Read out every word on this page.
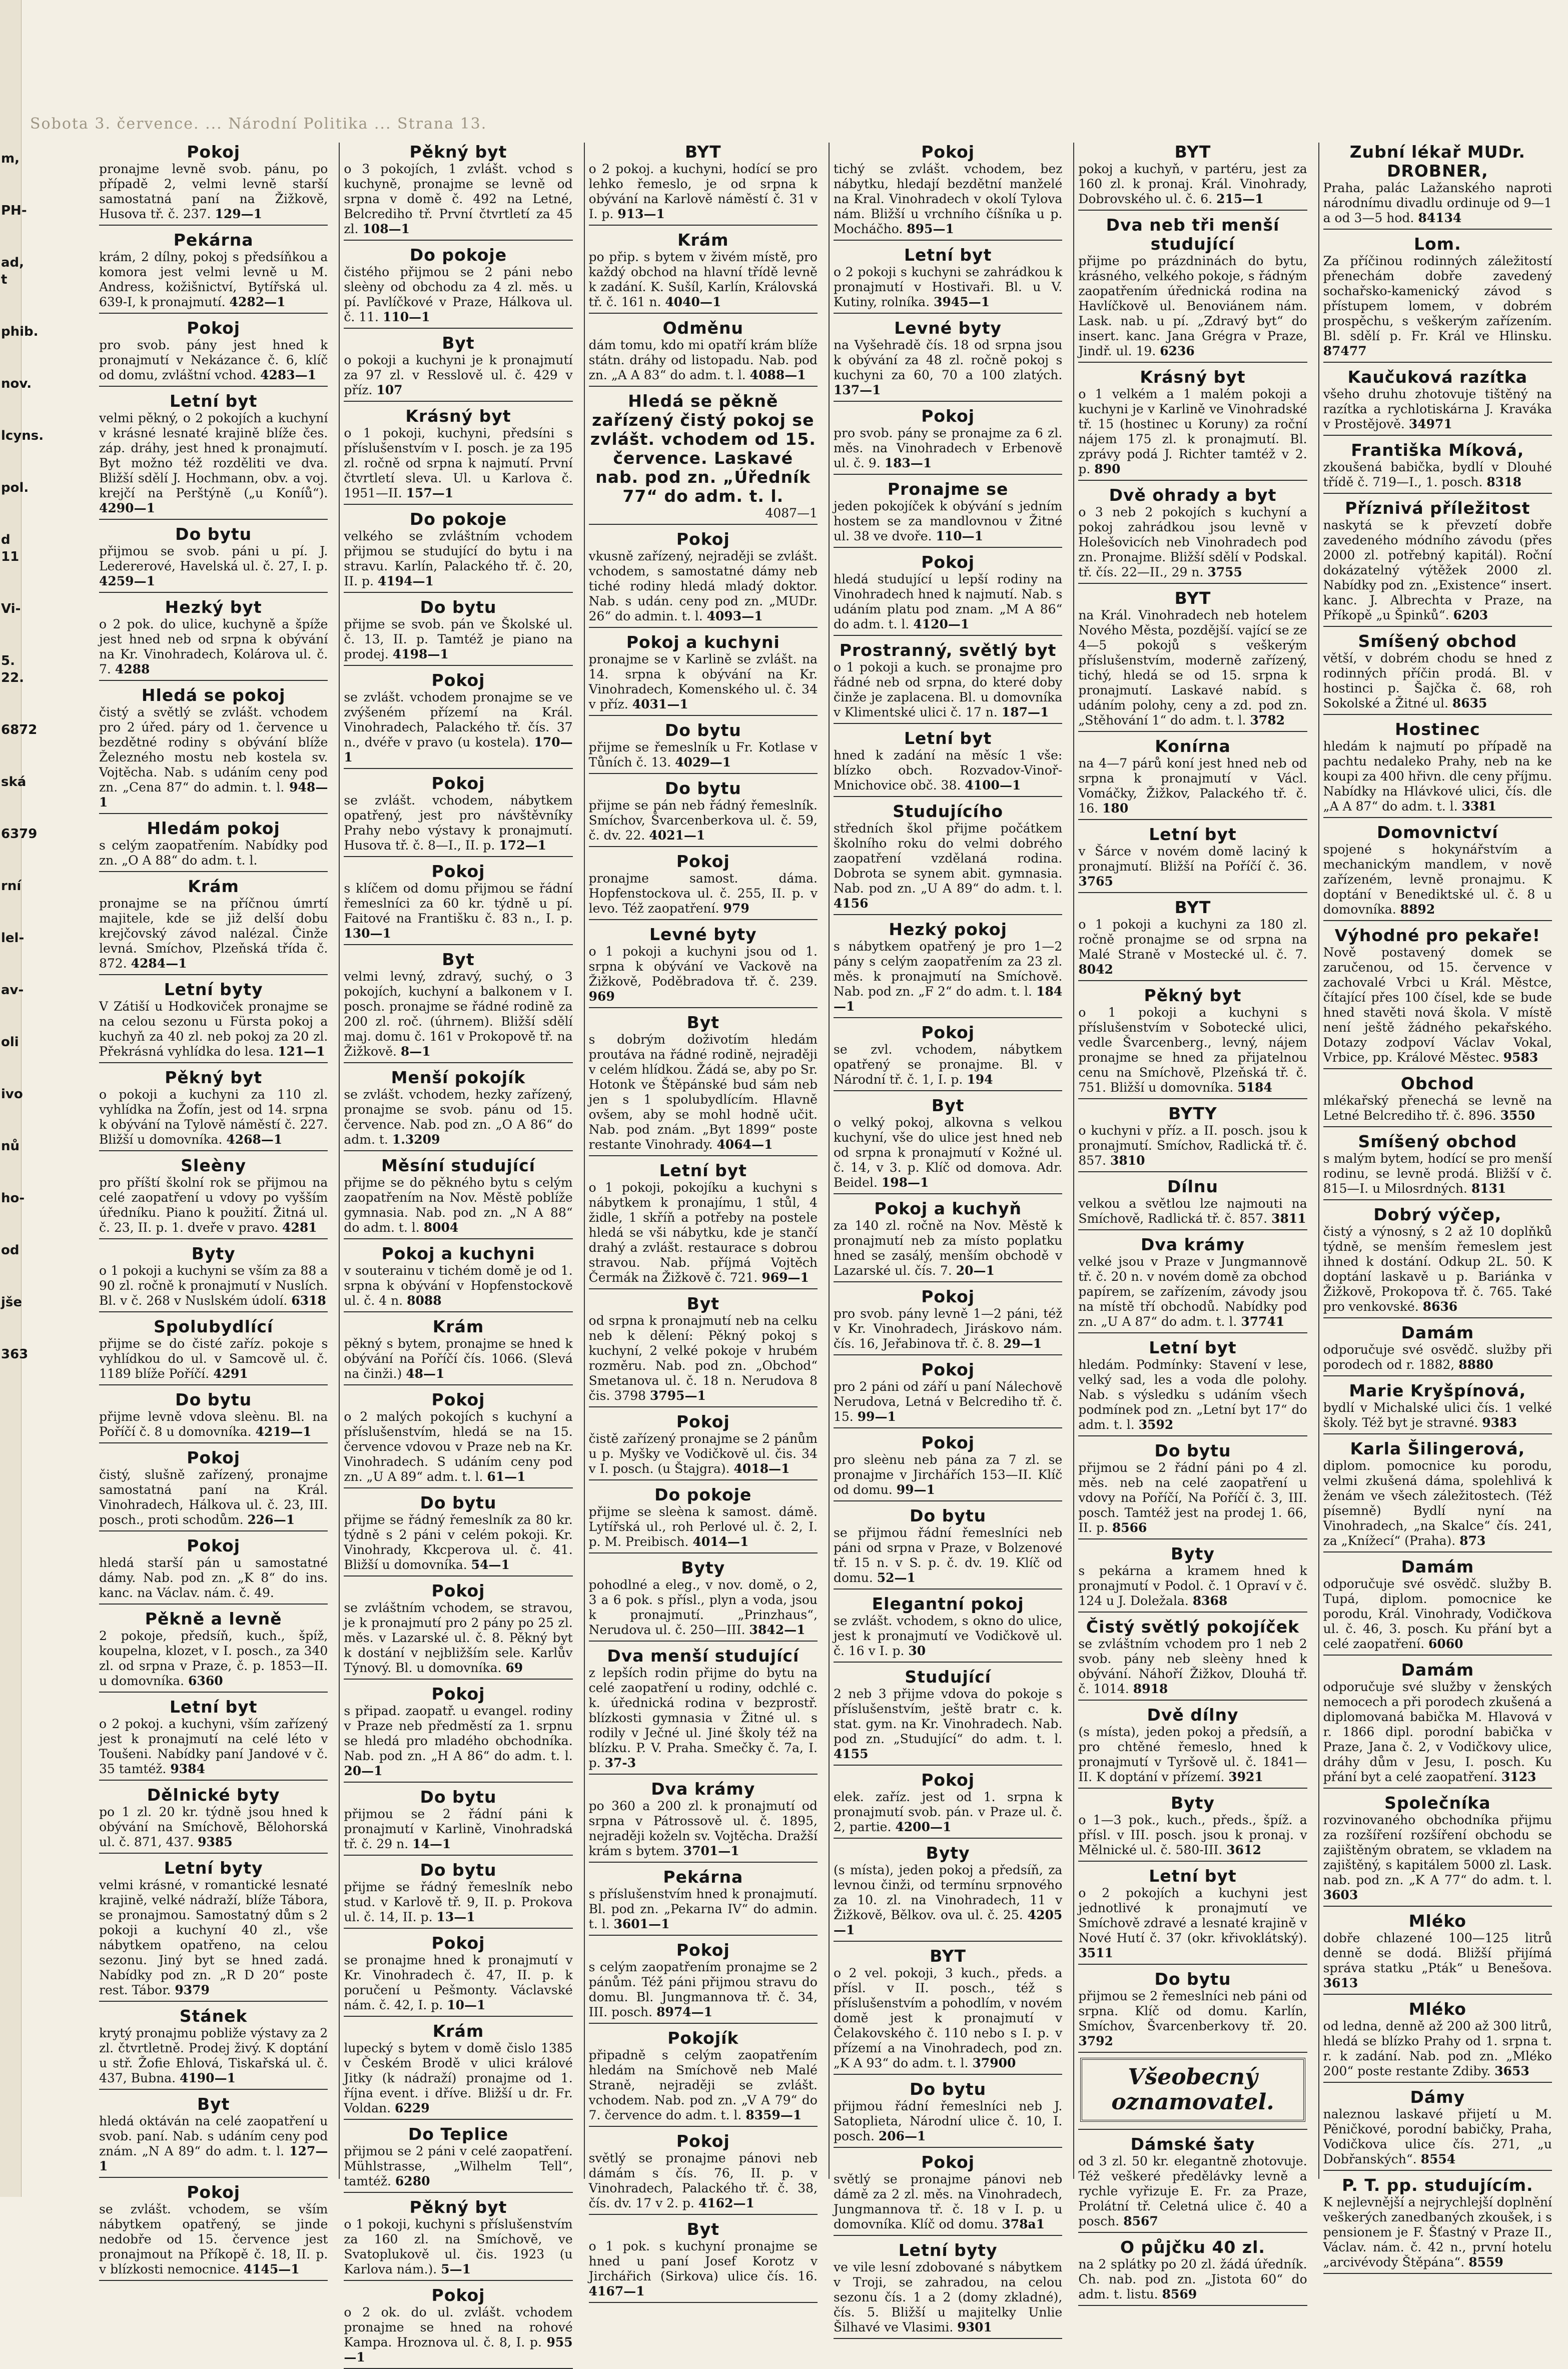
m,
PH-
ad, t
phib.
nov.
lcyns.
pol.
d 11
Vi-
5. 22.
6872
ská
6379
rní
lel-
av-
oli
ivo
nů
ho-
od
jše
363
Sobota 3. července. ... Národní Politika ... Strana 13.
Pokoj
pronajme levně svob. pánu, po případě 2, velmi levně starší samostatná paní na Žižkově, Husova tř. č. 237. 129—1
Pekárna
krám, 2 dílny, pokoj s předsíňkou a komora jest velmi levně u M. Andress, kožišnictví, Bytířská ul. 639-I, k pronajmutí. 4282—1
Pokoj
pro svob. pány jest hned k pronajmutí v Nekázance č. 6, klíč od domu, zvláštní vchod. 4283—1
Letní byt
velmi pěkný, o 2 pokojích a kuchyní v krásné lesnaté krajině blíže čes. záp. dráhy, jest hned k pronajmutí. Byt možno též rozděliti ve dva. Bližší sdělí J. Hochmann, obv. a voj. krejčí na Perštýně („u Koníů“). 4290—1
Do bytu
přijmou se svob. páni u pí. J. Ledererové, Havelská ul. č. 27, I. p. 4259—1
Hezký byt
o 2 pok. do ulice, kuchyně a špíže jest hned neb od srpna k obývání na Kr. Vinohradech, Kolárova ul. č. 7. 4288
Hledá se pokoj
čistý a světlý se zvlášt. vchodem pro 2 úřed. páry od 1. července u bezdětné rodiny s obývání blíže Železného mostu neb kostela sv. Vojtěcha. Nab. s udáním ceny pod zn. „Cena 87“ do admin. t. l. 948—1
Hledám pokoj
s celým zaopatřením. Nabídky pod zn. „O A 88“ do adm. t. l.
Krám
pronajme se na příčnou úmrtí majitele, kde se již delší dobu krejčovský závod nalézal. Činže levná. Smíchov, Plzeňská třída č. 872. 4284—1
Letní byty
V Zátiší u Hodkoviček pronajme se na celou sezonu u Fürsta pokoj a kuchyň za 40 zl. neb pokoj za 20 zl. Překrásná vyhlídka do lesa. 121—1
Pěkný byt
o pokoji a kuchyni za 110 zl. vyhlídka na Žofín, jest od 14. srpna k obývání na Tylově náměstí č. 227. Bližší u domovníka. 4268—1
Sleèny
pro příští školní rok se přijmou na celé zaopatření u vdovy po vyšším úředníku. Piano k použití. Žitná ul. č. 23, II. p. 1. dveře v pravo. 4281
Byty
o 1 pokoji a kuchyni se vším za 88 a 90 zl. ročně k pronajmutí v Nuslích. Bl. v č. 268 v Nuslském údolí. 6318
Spolubydlící
přijme se do čisté zaříz. pokoje s vyhlídkou do ul. v Samcově ul. č. 1189 blíže Poříčí. 4291
Do bytu
přijme levně vdova sleènu. Bl. na Poříčí č. 8 u domovníka. 4219—1
Pokoj
čistý, slušně zařízený, pronajme samostatná paní na Král. Vinohradech, Hálkova ul. č. 23, III. posch., proti schodům. 226—1
Pokoj
hledá starší pán u samostatné dámy. Nab. pod zn. „K 8“ do ins. kanc. na Václav. nám. č. 49.
Pěkně a levně
2 pokoje, předsíň, kuch., špíž, koupelna, klozet, v I. posch., za 340 zl. od srpna v Praze, č. p. 1853—II. u domovníka. 6360
Letní byt
o 2 pokoj. a kuchyni, vším zařízený jest k pronajmutí na celé léto v Toušeni. Nabídky paní Jandové v č. 35 tamtéž. 9384
Dělnické byty
po 1 zl. 20 kr. týdně jsou hned k obývání na Smíchově, Bělohorská ul. č. 871, 437. 9385
Letní byty
velmi krásné, v romantické lesnaté krajině, velké nádraží, blíže Tábora, se pronajmou. Samostatný dům s 2 pokoji a kuchyní 40 zl., vše nábytkem opatřeno, na celou sezonu. Jiný byt se hned zadá. Nabídky pod zn. „R D 20“ poste rest. Tábor. 9379
Stánek
krytý pronajmu pobliže výstavy za 2 zl. čtvrtletně. Prodej živý. K doptání u stř. Žofie Ehlová, Tiskařská ul. č. 437, Bubna. 4190—1
Byt
hledá oktáván na celé zaopatření u svob. paní. Nab. s udáním ceny pod znám. „N A 89“ do adm. t. l. 127—1
Pokoj
se zvlášt. vchodem, se vším nábytkem opatřený, se jinde nedobře od 15. července jest pronajmout na Příkopě č. 18, II. p. v blízkosti nemocnice. 4145—1
Pěkný byt
o 3 pokojích, 1 zvlášt. vchod s kuchyně, pronajme se levně od srpna v domě č. 492 na Letné, Belcrediho tř. První čtvrtletí za 45 zl. 108—1
Do pokoje
čistého přijmou se 2 páni nebo sleèny od obchodu za 4 zl. měs. u pí. Pavlíčkové v Praze, Hálkova ul. č. 11. 110—1
Byt
o pokoji a kuchyni je k pronajmutí za 97 zl. v Resslově ul. č. 429 v příz. 107
Krásný byt
o 1 pokoji, kuchyni, předsíni s příslušenstvím v I. posch. je za 195 zl. ročně od srpna k najmutí. První čtvrtletí sleva. Ul. u Karlova č. 1951—II. 157—1
Do pokoje
velkého se zvláštním vchodem přijmou se studující do bytu i na stravu. Karlín, Palackého tř. č. 20, II. p. 4194—1
Do bytu
přijme se svob. pán ve Školské ul. č. 13, II. p. Tamtéž je piano na prodej. 4198—1
Pokoj
se zvlášt. vchodem pronajme se ve zvýšeném přízemí na Král. Vinohradech, Palackého tř. čís. 37 n., dvéře v pravo (u kostela). 170—1
Pokoj
se zvlášt. vchodem, nábytkem opatřený, jest pro návštěvníky Prahy nebo výstavy k pronajmutí. Husova tř. č. 8—I., II. p. 172—1
Pokoj
s klíčem od domu přijmou se řádní řemeslníci za 60 kr. týdně u pí. Faitové na Františku č. 83 n., I. p. 130—1
Byt
velmi levný, zdravý, suchý, o 3 pokojích, kuchyní a balkonem v I. posch. pronajme se řádné rodině za 200 zl. roč. (úhrnem). Bližší sdělí maj. domu č. 161 v Prokopově tř. na Žižkově. 8—1
Menší pokojík
se zvlášt. vchodem, hezky zařízený, pronajme se svob. pánu od 15. července. Nab. pod zn. „O A 86“ do adm. t. 1.3209
Měsíní studující
přijme se do pěkného bytu s celým zaopatřením na Nov. Městě poblíže gymnasia. Nab. pod zn. „N A 88“ do adm. t. l. 8004
Pokoj a kuchyni
v souterainu v tichém domě je od 1. srpna k obývání v Hopfenstockově ul. č. 4 n. 8088
Krám
pěkný s bytem, pronajme se hned k obývání na Poříčí čís. 1066. (Slevá na činži.) 48—1
Pokoj
o 2 malých pokojích s kuchyní a příslušenstvím, hledá se na 15. července vdovou v Praze neb na Kr. Vinohradech. S udáním ceny pod zn. „U A 89“ adm. t. l. 61—1
Do bytu
přijme se řádný řemeslník za 80 kr. týdně s 2 páni v celém pokoji. Kr. Vinohrady, Kkcperova ul. č. 41. Bližší u domovníka. 54—1
Pokoj
se zvláštním vchodem, se stravou, je k pronajmutí pro 2 pány po 25 zl. měs. v Lazarské ul. č. 8. Pěkný byt k dostání v nejbližším sele. Karlův Týnový. Bl. u domovníka. 69
Pokoj
s připad. zaopatř. u evangel. rodiny v Praze neb předměstí za 1. srpnu se hledá pro mladého obchodníka. Nab. pod zn. „H A 86“ do adm. t. l. 20—1
Do bytu
přijmou se 2 řádní páni k pronajmutí v Karlině, Vinohradská tř. č. 29 n. 14—1
Do bytu
přijme se řádný řemeslník nebo stud. v Karlově tř. 9, II. p. Prokova ul. č. 14, II. p. 13—1
Pokoj
se pronajme hned k pronajmutí v Kr. Vinohradech č. 47, II. p. k poručení u Pešmonty. Václavské nám. č. 42, I. p. 10—1
Krám
lupecký s bytem v domě čislo 1385 v Českém Brodě v ulici králové Jitky (k nádraží) pronajme od 1. října event. i dříve. Bližší u dr. Fr. Voldan. 6229
Do Teplice
přijmou se 2 páni v celé zaopatření. Mühlstrasse, „Wilhelm Tell“, tamtéž. 6280
Pěkný byt
o 1 pokoji, kuchyni s příslušenstvím za 160 zl. na Smíchově, ve Svatoplukově ul. čis. 1923 (u Karlova nám.). 5—1
Pokoj
o 2 ok. do ul. zvlášt. vchodem pronajme se hned na rohové Kampa. Hroznova ul. č. 8, I. p. 955—1
BYT
o 2 pokoj. a kuchyni, hodící se pro lehko řemeslo, je od srpna k obývání na Karlově náměstí č. 31 v I. p. 913—1
Krám
po přip. s bytem v živém místě, pro každý obchod na hlavní třídě levně k zadání. K. Sušíl, Karlín, Královská tř. č. 161 n. 4040—1
Odměnu
dám tomu, kdo mi opatří krám blíže státn. dráhy od listopadu. Nab. pod zn. „A A 83“ do adm. t. l. 4088—1
Hledá se pěkně zařízený čistý pokoj se zvlášt. vchodem od 15. července. Laskavé nab. pod zn. „Úředník 77“ do adm. t. l.
4087—1
Pokoj
vkusně zařízený, nejraději se zvlášt. vchodem, s samostatné dámy neb tiché rodiny hledá mladý doktor. Nab. s udán. ceny pod zn. „MUDr. 26“ do admin. t. l. 4093—1
Pokoj a kuchyni
pronajme se v Karlině se zvlášt. na 14. srpna k obývání na Kr. Vinohradech, Komenského ul. č. 34 v příz. 4031—1
Do bytu
přijme se řemeslník u Fr. Kotlase v Tůních č. 13. 4029—1
Do bytu
přijme se pán neb řádný řemeslník. Smíchov, Švarcenberkova ul. č. 59, č. dv. 22. 4021—1
Pokoj
pronajme samost. dáma. Hopfenstockova ul. č. 255, II. p. v levo. Též zaopatření. 979
Levné byty
o 1 pokoji a kuchyni jsou od 1. srpna k obývání ve Vackově na Žižkově, Poděbradova tř. č. 239. 969
Byt
s dobrým doživotím hledám proutáva na řádné rodině, nejraději v celém hlídkou. Žádá se, aby po Sr. Hotonk ve Štěpánské bud sám neb jen s 1 spolubydlícím. Hlavně ovšem, aby se mohl hodně učit. Nab. pod znám. „Byt 1899“ poste restante Vinohrady. 4064—1
Letní byt
o 1 pokoji, pokojíku a kuchyni s nábytkem k pronajímu, 1 stůl, 4 židle, 1 skříň a potřeby na postele hledá se vši nábytku, kde je stančí drahý a zvlášt. restaurace s dobrou stravou. Nab. příjmá Vojtěch Čermák na Žižkově č. 721. 969—1
Byt
od srpna k pronajmutí neb na celku neb k dělení: Pěkný pokoj s kuchyní, 2 velké pokoje v hrubém rozměru. Nab. pod zn. „Obchod“ Smetanova ul. č. 18 n. Nerudova 8 čis. 3798 3795—1
Pokoj
čistě zařízený pronajme se 2 pánům u p. Myšky ve Vodičkově ul. čis. 34 v I. posch. (u Štajgra). 4018—1
Do pokoje
přijme se sleèna k samost. dámě. Lytířská ul., roh Perlové ul. č. 2, I. p. M. Preibisch. 4014—1
Byty
pohodlné a eleg., v nov. domě, o 2, 3 a 6 pok. s přísl., plyn a voda, jsou k pronajmutí. „Prinzhaus“, Nerudova ul. č. 250—III. 3842—1
Dva menší studující
z lepších rodin přijme do bytu na celé zaopatření u rodiny, odchlé c. k. úřednická rodina v bezprostř. blízkosti gymnasia v Žitné ul. s rodily v Ječné ul. Jiné školy též na blízku. P. V. Praha. Smečky č. 7a, I. p. 37-3
Dva krámy
po 360 a 200 zl. k pronajmutí od srpna v Pátrossově ul. č. 1895, nejraději koželn sv. Vojtěcha. Dražší krám s bytem. 3701—1
Pekárna
s příslušenstvím hned k pronajmutí. Bl. pod zn. „Pekarna IV“ do admin. t. l. 3601—1
Pokoj
s celým zaopatřením pronajme se 2 pánům. Též páni přijmou stravu do domu. Bl. Jungmannova tř. č. 34, III. posch. 8974—1
Pokojík
připadně s celým zaopatřením hledám na Smíchově neb Malé Straně, nejraději se zvlášt. vchodem. Nab. pod zn. „V A 79“ do 7. července do adm. t. l. 8359—1
Pokoj
světlý se pronajme pánovi neb dámám s čís. 76, II. p. v Vinohradech, Palackého tř. č. 38, čís. dv. 17 v 2. p. 4162—1
Byt
o 1 pok. s kuchyní pronajme se hned u paní Josef Korotz v Jirchářich (Sirkova) ulice čís. 16. 4167—1
Pokoj
tichý se zvlášt. vchodem, bez nábytku, hledají bezdětní manželé na Kral. Vinohradech v okolí Tylova nám. Bližší u vrchního číšníka u p. Mocháčho. 895—1
Letní byt
o 2 pokoji s kuchyni se zahrádkou k pronajmutí v Hostivaři. Bl. u V. Kutiny, rolníka. 3945—1
Levné byty
na Vyšehradě čís. 18 od srpna jsou k obývání za 48 zl. ročně pokoj s kuchyni za 60, 70 a 100 zlatých. 137—1
Pokoj
pro svob. pány se pronajme za 6 zl. měs. na Vinohradech v Erbenově ul. č. 9. 183—1
Pronajme se
jeden pokojíček k obývání s jedním hostem se za mandlovnou v Žitné ul. 38 ve dvoře. 110—1
Pokoj
hledá studující u lepší rodiny na Vinohradech hned k najmutí. Nab. s udáním platu pod znam. „M A 86“ do adm. t. l. 4120—1
Prostranný, světlý byt
o 1 pokoji a kuch. se pronajme pro řádné neb od srpna, do které doby činže je zaplacena. Bl. u domovníka v Klimentské ulici č. 17 n. 187—1
Letní byt
hned k zadání na měsíc 1 vše: blízko obch. Rozvadov-Vinoř-Mnichovice obč. 38. 4100—1
Studujícího
středních škol přijme počátkem školního roku do velmi dobrého zaopatření vzdělaná rodina. Dobrota se synem abit. gymnasia. Nab. pod zn. „U A 89“ do adm. t. l. 4156
Hezký pokoj
s nábytkem opatřený je pro 1—2 pány s celým zaopatřením za 23 zl. měs. k pronajmutí na Smíchově. Nab. pod zn. „F 2“ do adm. t. l. 184—1
Pokoj
se zvl. vchodem, nábytkem opatřený se pronajme. Bl. v Národní tř. č. 1, I. p. 194
Byt
o velký pokoj, alkovna s velkou kuchyní, vše do ulice jest hned neb od srpna k pronajmutí v Kožné ul. č. 14, v 3. p. Klíč od domova. Adr. Beidel. 198—1
Pokoj a kuchyň
za 140 zl. ročně na Nov. Městě k pronajmutí neb za místo poplatku hned se zasálý, menším obchodě v Lazarské ul. čís. 7. 20—1
Pokoj
pro svob. pány levně 1—2 páni, též v Kr. Vinohradech, Jiráskovo nám. čís. 16, Jeřabinova tř. č. 8. 29—1
Pokoj
pro 2 páni od září u paní Nálechově Nerudova, Letná v Belcrediho tř. č. 15. 99—1
Pokoj
pro sleènu neb pána za 7 zl. se pronajme v Jirchářích 153—II. Klíč od domu. 99—1
Do bytu
se přijmou řádní řemeslníci neb páni od srpna v Praze, v Bolzenové tř. 15 n. v S. p. č. dv. 19. Klíč od domu. 52—1
Elegantní pokoj
se zvlášt. vchodem, s okno do ulice, jest k pronajmutí ve Vodičkově ul. č. 16 v I. p. 30
Studující
2 neb 3 přijme vdova do pokoje s příslušenstvím, ještě bratr c. k. stat. gym. na Kr. Vinohradech. Nab. pod zn. „Studující“ do adm. t. l. 4155
Pokoj
elek. zaříz. jest od 1. srpna k pronajmutí svob. pán. v Praze ul. č. 2, partie. 4200—1
Byty
(s místa), jeden pokoj a předsíň, za levnou činži, od termínu srpnového za 10. zl. na Vinohradech, 11 v Žižkově, Bělkov. ova ul. č. 25. 4205—1
BYT
o 2 vel. pokoji, 3 kuch., předs. a přísl. v II. posch., též s příslušenstvím a pohodlím, v novém domě jest k pronajmutí v Čelakovského č. 110 nebo s I. p. v přízemí a na Vinohradech, pod zn. „K A 93“ do adm. t. l. 37900
Do bytu
přijmou řádní řemeslníci neb J. Satoplieta, Národní ulice č. 10, I. posch. 206—1
Pokoj
světlý se pronajme pánovi neb dámě za 2 zl. měs. na Vinohradech, Jungmannova tř. č. 18 v I. p. u domovníka. Klíč od domu. 378a1
Letní byty
ve vile lesní zdobované s nábytkem v Troji, se zahradou, na celou sezonu čís. 1 a 2 (domy zkladné), čís. 5. Bližší u majitelky Unlie Šilhavé ve Vlasimi. 9301
BYT
pokoj a kuchyň, v partéru, jest za 160 zl. k pronaj. Král. Vinohrady, Dobrovského ul. č. 6. 215—1
Dva neb tři menší studující
přijme po prázdninách do bytu, krásného, velkého pokoje, s řádným zaopatřením úřednická rodina na Havlíčkově ul. Benoviánem nám. Lask. nab. u pí. „Zdravý byt“ do insert. kanc. Jana Grégra v Praze, Jindř. ul. 19. 6236
Krásný byt
o 1 velkém a 1 malém pokoji a kuchyni je v Karlině ve Vinohradské tř. 15 (hostinec u Koruny) za roční nájem 175 zl. k pronajmutí. Bl. zprávy podá J. Richter tamtéž v 2. p. 890
Dvě ohrady a byt
o 3 neb 2 pokojích s kuchyní a pokoj zahrádkou jsou levně v Holešovicích neb Vinohradech pod zn. Pronajme. Bližší sdělí v Podskal. tř. čís. 22—II., 29 n. 3755
BYT
na Král. Vinohradech neb hotelem Nového Města, pozdější. vající se ze 4—5 pokojů s veškerým příslušenstvím, moderně zařízený, tichý, hledá se od 15. srpna k pronajmutí. Laskavé nabíd. s udáním polohy, ceny a zd. pod zn. „Stěhování 1“ do adm. t. l. 3782
Konírna
na 4—7 párů koní jest hned neb od srpna k pronajmutí v Václ. Vomáčky, Žižkov, Palackého tř. č. 16. 180
Letní byt
v Šárce v novém domě laciný k pronajmutí. Bližší na Poříčí č. 36. 3765
BYT
o 1 pokoji a kuchyni za 180 zl. ročně pronajme se od srpna na Malé Straně v Mostecké ul. č. 7. 8042
Pěkný byt
o 1 pokoji a kuchyni s příslušenstvím v Sobotecké ulici, vedle Švarcenberg., levný, nájem pronajme se hned za přijatelnou cenu na Smíchově, Plzeňská tř. č. 751. Bližší u domovníka. 5184
BYTY
o kuchyni v příz. a II. posch. jsou k pronajmutí. Smíchov, Radlická tř. č. 857. 3810
Dílnu
velkou a světlou lze najmouti na Smíchově, Radlická tř. č. 857. 3811
Dva krámy
velké jsou v Praze v Jungmannově tř. č. 20 n. v novém domě za obchod papírem, se zařízením, závody jsou na místě tří obchodů. Nabídky pod zn. „U A 87“ do adm. t. l. 37741
Letní byt
hledám. Podmínky: Stavení v lese, velký sad, les a voda dle polohy. Nab. s výsledku s udáním všech podmínek pod zn. „Letní byt 17“ do adm. t. l. 3592
Do bytu
přijmou se 2 řádní páni po 4 zl. měs. neb na celé zaopatření u vdovy na Poříčí, Na Poříčí č. 3, III. posch. Tamtéž jest na prodej 1. 66, II. p. 8566
Byty
s pekárna a kramem hned k pronajmutí v Podol. č. 1 Opraví v č. 124 u J. Doležala. 8368
Čistý světlý pokojíček
se zvláštním vchodem pro 1 neb 2 svob. pány neb sleèny hned k obývání. Náhoří Žižkov, Dlouhá tř. č. 1014. 8918
Dvě dílny
(s místa), jeden pokoj a předsíň, a pro chtěné řemeslo, hned k pronajmutí v Tyršově ul. č. 1841—II. K doptání v přízemí. 3921
Byty
o 1—3 pok., kuch., předs., špíž. a přísl. v III. posch. jsou k pronaj. v Mělnické ul. č. 580-III. 3612
Letní byt
o 2 pokojích a kuchyni jest jednotlivé k pronajmutí ve Smíchově zdravé a lesnaté krajině v Nové Hutí č. 37 (okr. křivoklátský). 3511
Do bytu
přijmou se 2 řemeslníci neb páni od srpna. Klíč od domu. Karlín, Smíchov, Švarcenberkovy tř. 20. 3792
Všeobecný oznamovatel.
Dámské šaty
od 3 zl. 50 kr. elegantně zhotovuje. Též veškeré předělávky levně a rychle vyřizuje E. Fr. za Praze, Prolátní tř. Celetná ulice č. 40 a posch. 8567
O půjčku 40 zl.
na 2 splátky po 20 zl. žádá úředník. Ch. nab. pod zn. „Jistota 60“ do adm. t. listu. 8569
Zubní lékař MUDr. DROBNER,
Praha, palác Lažanského naproti národnímu divadlu ordinuje od 9—1 a od 3—5 hod. 84134
Lom.
Za příčinou rodinných záležitostí přenechám dobře zavedený sochařsko-kamenický závod s přístupem lomem, v dobrém prospěchu, s veškerým zařízením. Bl. sdělí p. Fr. Král ve Hlinsku. 87477
Kaučuková razítka
všeho druhu zhotovuje tištěný na razítka a rychlotiskárna J. Kraváka v Prostějově. 34971
Františka Míková,
zkoušená babička, bydlí v Dlouhé třídě č. 719—I., 1. posch. 8318
Příznivá příležitost
naskytá se k převzetí dobře zavedeného módního závodu (přes 2000 zl. potřebný kapitál). Roční dokázatelný výtěžek 2000 zl. Nabídky pod zn. „Existence“ insert. kanc. J. Albrechta v Praze, na Příkopě „u Špinků“. 6203
Smíšený obchod
větší, v dobrém chodu se hned z rodinných příčin prodá. Bl. v hostinci p. Šajčka č. 68, roh Sokolské a Žitné ul. 8635
Hostinec
hledám k najmutí po případě na pachtu nedaleko Prahy, neb na ke koupi za 400 hřivn. dle ceny příjmu. Nabídky na Hlávkové ulici, čís. dle „A A 87“ do adm. t. l. 3381
Domovnictví
spojené s hokynářstvím a mechanickým mandlem, v nově zařízeném, levně pronajmu. K doptání v Benediktské ul. č. 8 u domovníka. 8892
Výhodné pro pekaře!
Nově postavený domek se zaručenou, od 15. července v zachovalé Vrbci u Král. Městce, čítající přes 100 čísel, kde se bude hned stavěti nová škola. V místě není ještě žádného pekařského. Dotazy zodpoví Václav Vokal, Vrbice, pp. Králové Městec. 9583
Obchod
mlékařský přenechá se levně na Letné Belcrediho tř. č. 896. 3550
Smíšený obchod
s malým bytem, hodící se pro menší rodinu, se levně prodá. Bližší v č. 815—I. u Milosrdných. 8131
Dobrý výčep,
čistý a výnosný, s 2 až 10 doplňků týdně, se menším řemeslem jest ihned k dostání. Odkup 2L. 50. K doptání laskavě u p. Bariánka v Žižkově, Prokopova tř. č. 765. Také pro venkovské. 8636
Damám
odporučuje své osvědč. služby při porodech od r. 1882, 8880
Marie Kryšpínová,
bydlí v Michalské ulici čís. 1 velké školy. Též byt je stravné. 9383
Karla Šilingerová,
diplom. pomocnice ku porodu, velmi zkušená dáma, spolehlivá k ženám ve všech záležitostech. (Též písemně) Bydlí nyní na Vinohradech, „na Skalce“ čís. 241, za „Knížecí“ (Praha). 873
Damám
odporučuje své osvědč. služby B. Tupá, diplom. pomocnice ke porodu, Král. Vinohrady, Vodičkova ul. č. 46, 3. posch. Ku přání byt a celé zaopatření. 6060
Damám
odporučuje své služby v ženských nemocech a při porodech zkušená a diplomovaná babička M. Hlavová v r. 1866 dipl. porodní babička v Praze, Jana č. 2, v Vodičkovy ulice, dráhy dům v Jesu, I. posch. Ku přání byt a celé zaopatření. 3123
Společníka
rozvinovaného obchodníka přijmu za rozšíření rozšíření obchodu se zajištěným obratem, se vkladem na zajištěný, s kapitálem 5000 zl. Lask. nab. pod zn. „K A 77“ do adm. t. l. 3603
Mléko
dobře chlazené 100—125 litrů denně se dodá. Bližší přijímá správa statku „Pták“ u Benešova. 3613
Mléko
od ledna, denně až 200 až 300 litrů, hledá se blízko Prahy od 1. srpna t. r. k zadání. Nab. pod zn. „Mléko 200“ poste restante Zdiby. 3653
Dámy
naleznou laskavé přijetí u M. Pěničkové, porodní babičky, Praha, Vodičkova ulice čís. 271, „u Dobřanských“. 8554
P. T. pp. studujícím.
K nejlevnější a nejrychlejší doplnění veškerých zanedbaných zkoušek, i s pensionem je F. Šťastný v Praze II., Václav. nám. č. 42 n., první hotelu „arcivévody Štěpána“. 8559
